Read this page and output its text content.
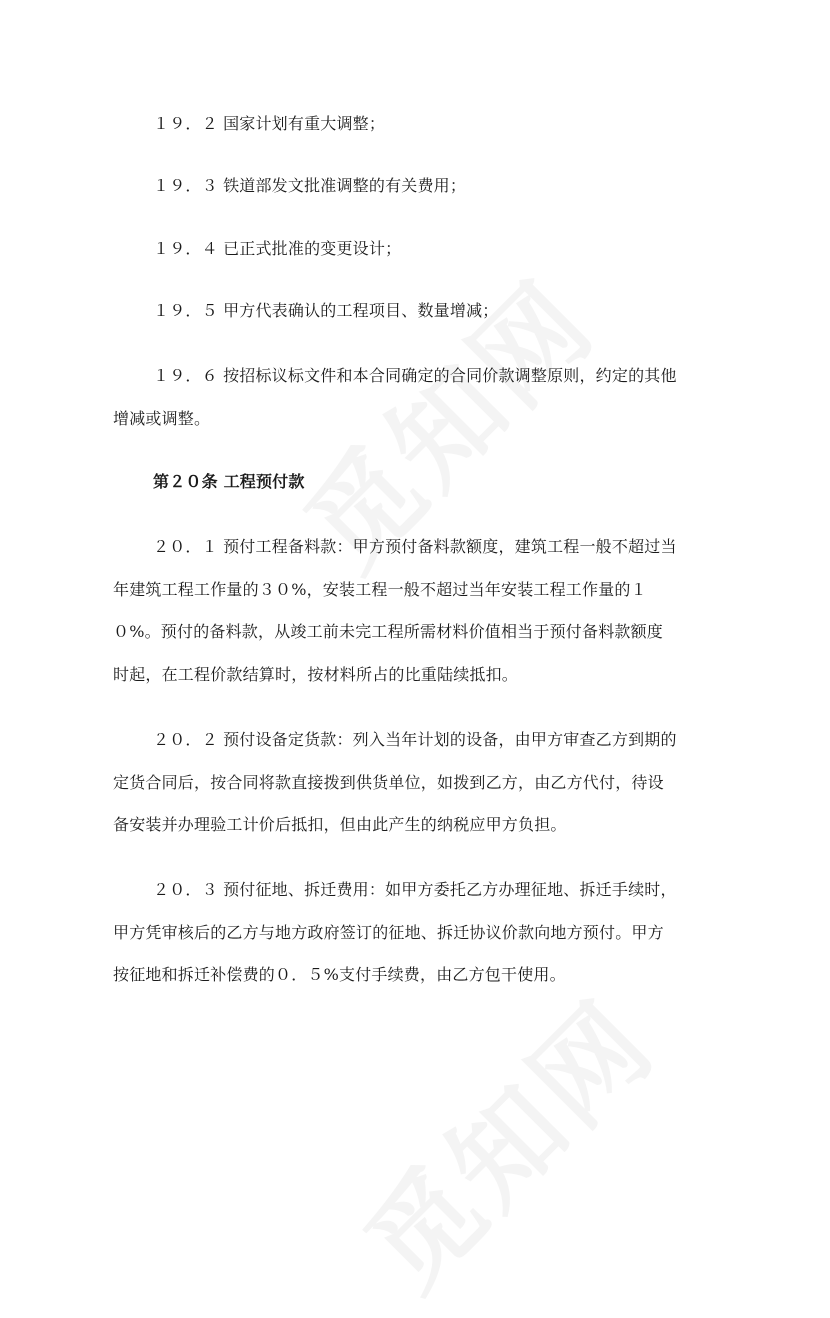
１９．２ 国家计划有重大调整；
１９．３ 铁道部发文批准调整的有关费用；
１９．４ 已正式批准的变更设计；
１９．５ 甲方代表确认的工程项目、数量增减；
１９．６ 按招标议标文件和本合同确定的合同价款调整原则，约定的其他
增减或调整。
第２０条 工程预付款
２０．１ 预付工程备料款：甲方预付备料款额度，建筑工程一般不超过当
年建筑工程工作量的３０%，安装工程一般不超过当年安装工程工作量的１
０%。预付的备料款，从竣工前未完工程所需材料价值相当于预付备料款额度
时起，在工程价款结算时，按材料所占的比重陆续抵扣。
２０．２ 预付设备定货款：列入当年计划的设备，由甲方审查乙方到期的
定货合同后，按合同将款直接拨到供货单位，如拨到乙方，由乙方代付，待设
备安装并办理验工计价后抵扣，但由此产生的纳税应甲方负担。
２０．３ 预付征地、拆迁费用：如甲方委托乙方办理征地、拆迁手续时，
甲方凭审核后的乙方与地方政府签订的征地、拆迁协议价款向地方预付。甲方
按征地和拆迁补偿费的０．５%支付手续费，由乙方包干使用。
